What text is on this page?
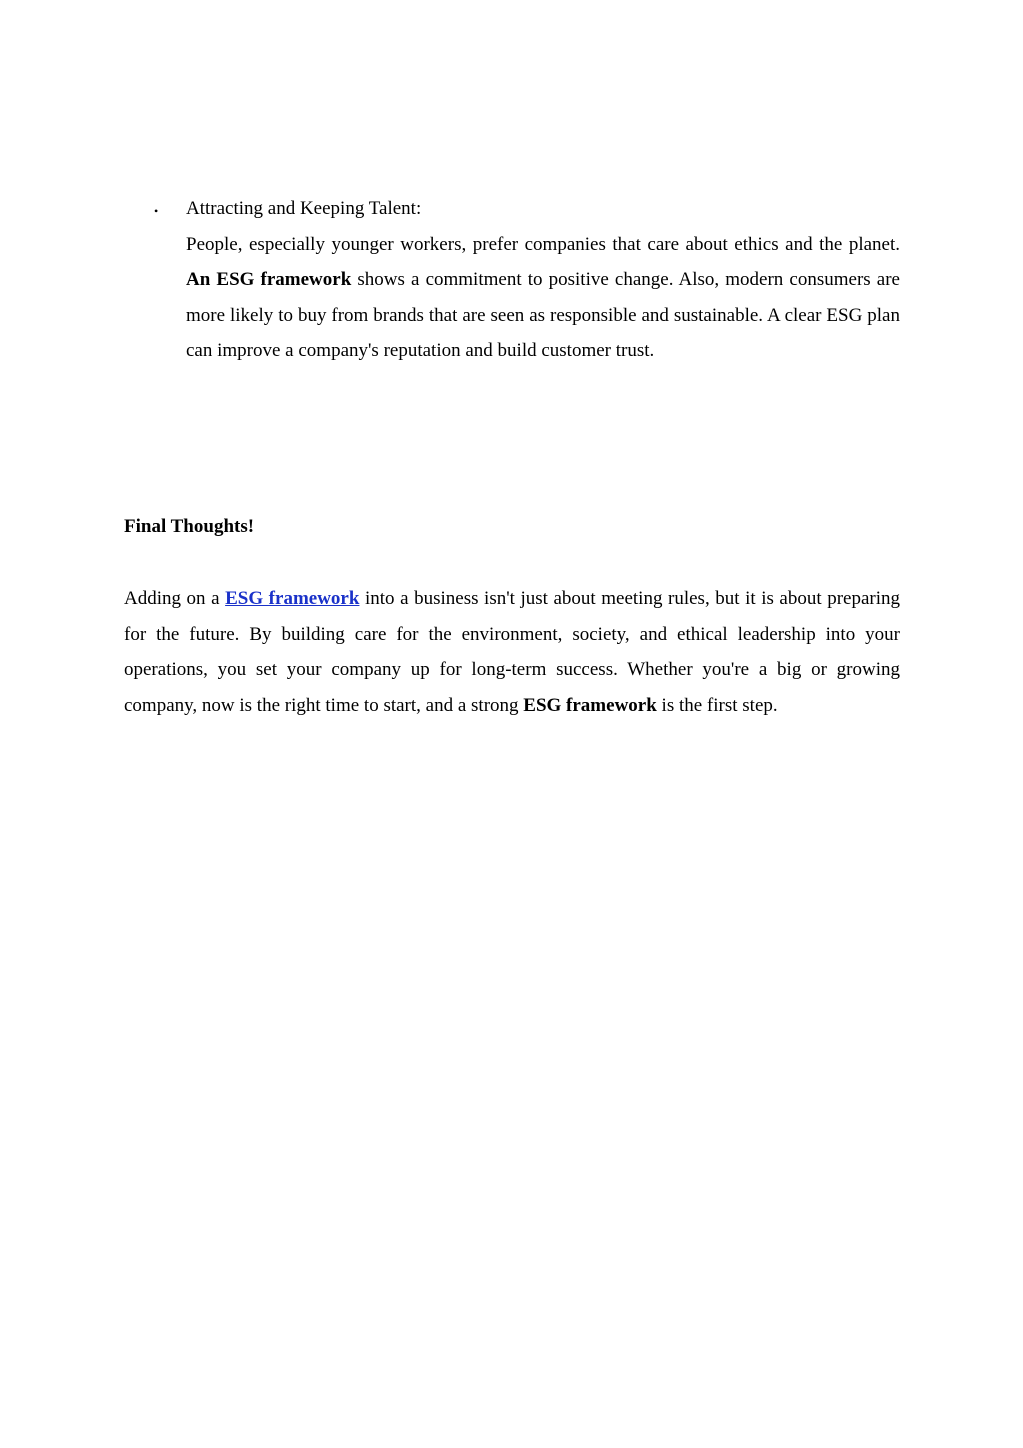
• Attracting and Keeping Talent:
People, especially younger workers, prefer companies that care about ethics and the planet. An ESG framework shows a commitment to positive change. Also, modern consumers are more likely to buy from brands that are seen as responsible and sustainable. A clear ESG plan can improve a company's reputation and build customer trust.
Final Thoughts!
Adding on a ESG framework into a business isn't just about meeting rules, but it is about preparing for the future. By building care for the environment, society, and ethical leadership into your operations, you set your company up for long-term success. Whether you're a big or growing company, now is the right time to start, and a strong ESG framework is the first step.
